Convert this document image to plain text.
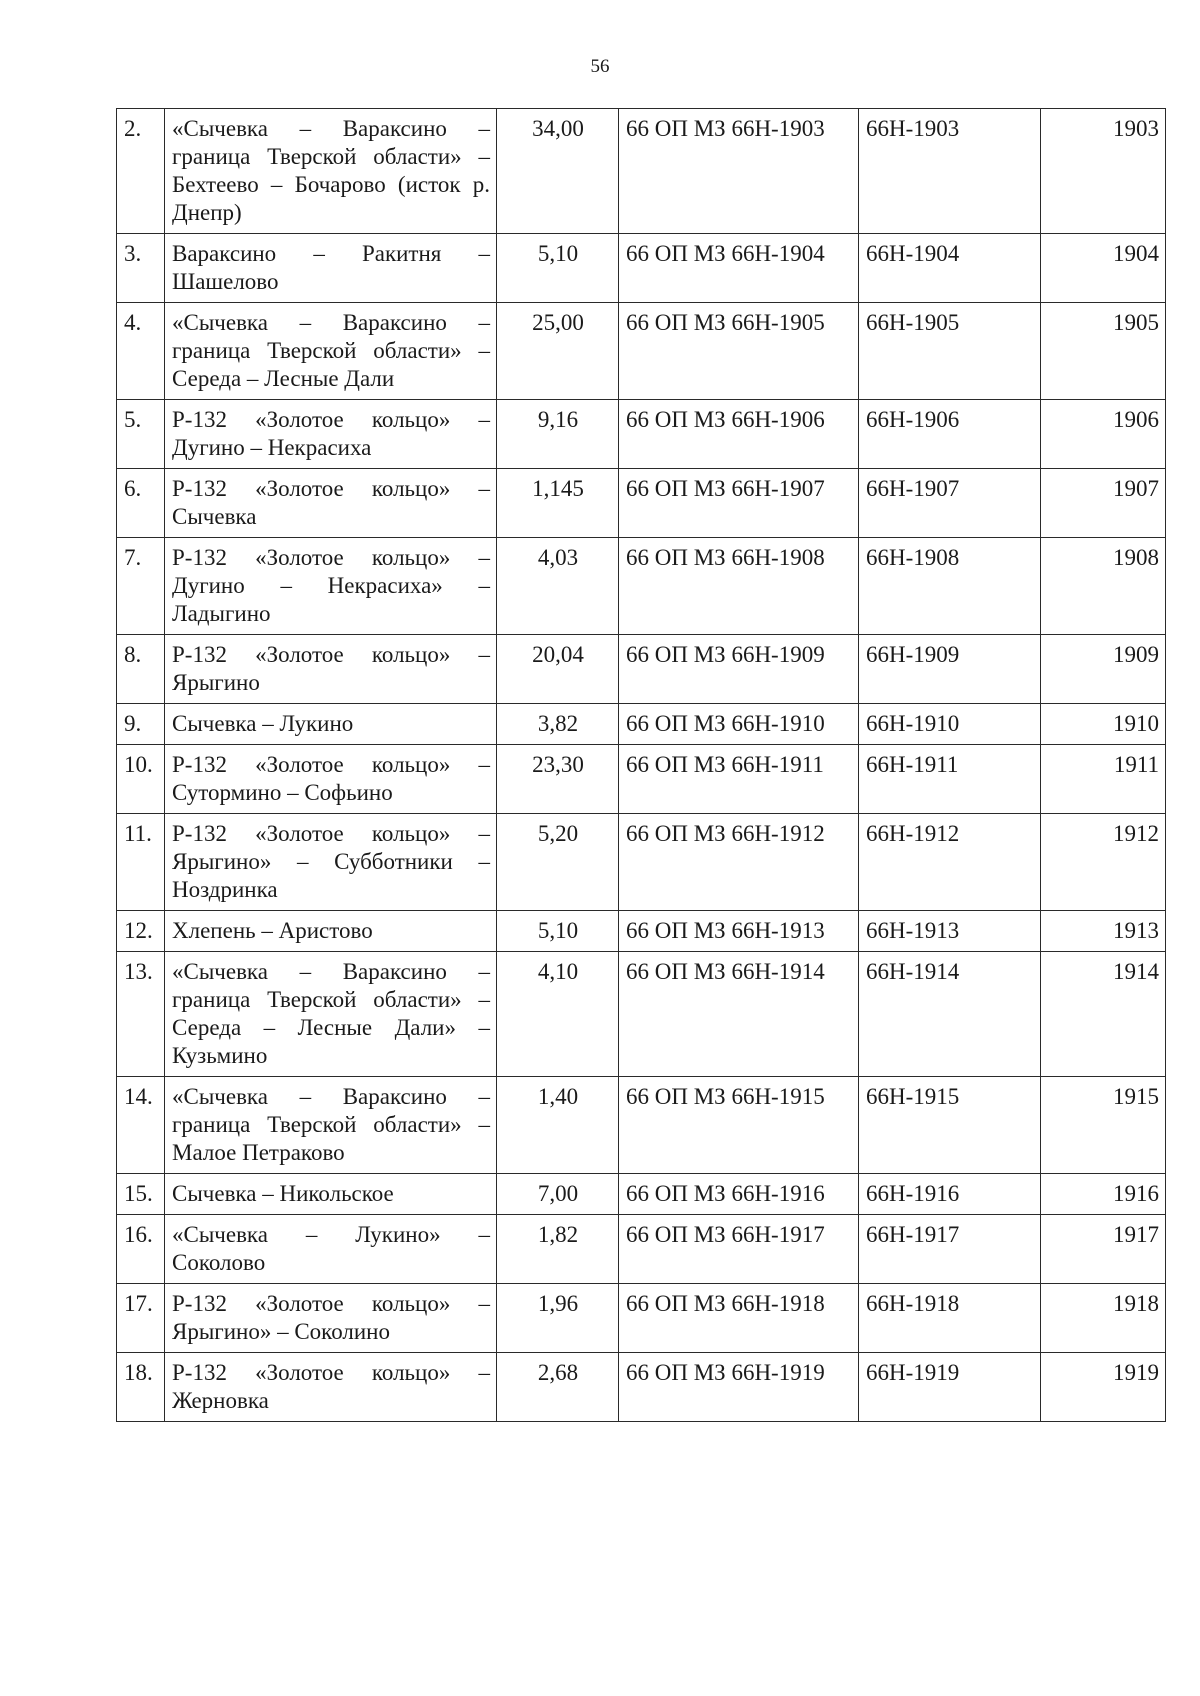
56
2.	«Сычевка – Вараксино – граница Тверской области» – Бехтеево – Бочарово (исток р. Днепр)	34,00	66 ОП МЗ 66Н-1903	66Н-1903	1903
3.	Вараксино – Ракитня – Шашелово	5,10	66 ОП МЗ 66Н-1904	66Н-1904	1904
4.	«Сычевка – Вараксино – граница Тверской области» – Середа – Лесные Дали	25,00	66 ОП МЗ 66Н-1905	66Н-1905	1905
5.	Р-132 «Золотое кольцо» – Дугино – Некрасиха	9,16	66 ОП МЗ 66Н-1906	66Н-1906	1906
6.	Р-132 «Золотое кольцо» – Сычевка	1,145	66 ОП МЗ 66Н-1907	66Н-1907	1907
7.	Р-132 «Золотое кольцо» – Дугино – Некрасиха» – Ладыгино	4,03	66 ОП МЗ 66Н-1908	66Н-1908	1908
8.	Р-132 «Золотое кольцо» – Ярыгино	20,04	66 ОП МЗ 66Н-1909	66Н-1909	1909
9.	Сычевка – Лукино	3,82	66 ОП МЗ 66Н-1910	66Н-1910	1910
10.	Р-132 «Золотое кольцо» – Сутормино – Софьино	23,30	66 ОП МЗ 66Н-1911	66Н-1911	1911
11.	Р-132 «Золотое кольцо» – Ярыгино» – Субботники – Ноздринка	5,20	66 ОП МЗ 66Н-1912	66Н-1912	1912
12.	Хлепень – Аристово	5,10	66 ОП МЗ 66Н-1913	66Н-1913	1913
13.	«Сычевка – Вараксино – граница Тверской области» – Середа – Лесные Дали» – Кузьмино	4,10	66 ОП МЗ 66Н-1914	66Н-1914	1914
14.	«Сычевка – Вараксино – граница Тверской области» – Малое Петраково	1,40	66 ОП МЗ 66Н-1915	66Н-1915	1915
15.	Сычевка – Никольское	7,00	66 ОП МЗ 66Н-1916	66Н-1916	1916
16.	«Сычевка – Лукино» – Соколово	1,82	66 ОП МЗ 66Н-1917	66Н-1917	1917
17.	Р-132 «Золотое кольцо» – Ярыгино» – Соколино	1,96	66 ОП МЗ 66Н-1918	66Н-1918	1918
18.	Р-132 «Золотое кольцо» – Жерновка	2,68	66 ОП МЗ 66Н-1919	66Н-1919	1919
